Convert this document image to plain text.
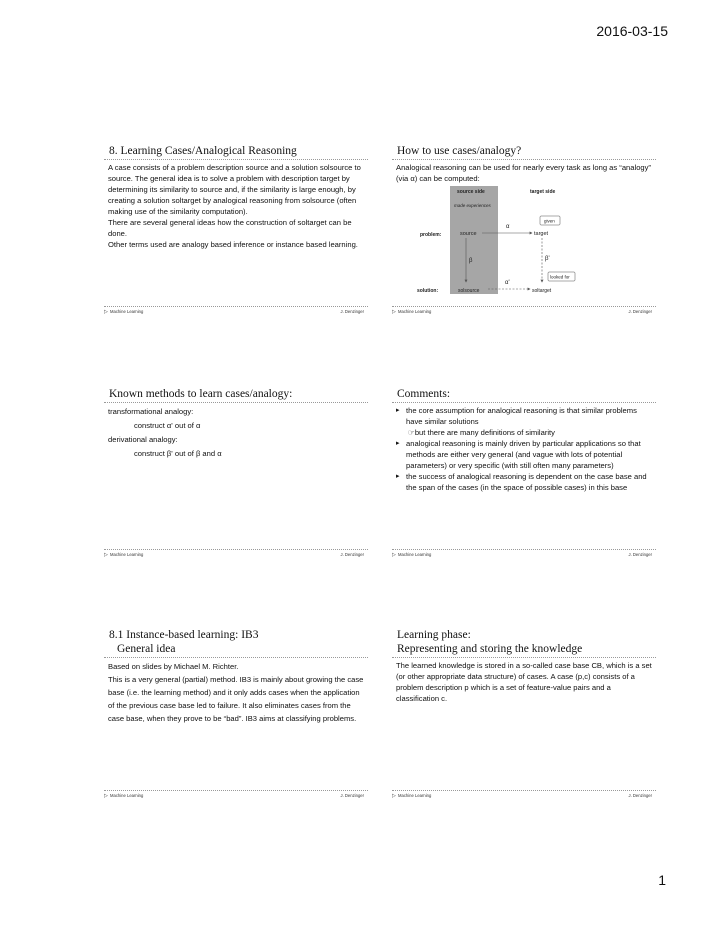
2016-03-15
8. Learning Cases/Analogical Reasoning

A case consists of a problem description source and a solution solsource to source. The general idea is to solve a problem with description target by determining its similarity to source and, if the similarity is large enough, by creating a solution soltarget by analogical reasoning from solsource (often making use of the similarity computation).

There are several general ideas how the construction of soltarget can be done.

Other terms used are analogy based inference or instance based learning.

▷ Machine Learning	J. Denzinger
How to use cases/analogy?

Analogical reasoning can be used for nearly every task as long as “analogy” (via α) can be computed:

source side	target side
made experiences
given
α
problem:	source	target
β	β'
looked for
α'
solution:	solsource	soltarget
▷ Machine Learning	J. Denzinger
Known methods to learn cases/analogy:

transformational analogy:

construct α' out of α

derivational analogy:

construct β' out of β and α

▷ Machine Learning	J. Denzinger
Comments:

▸ the core assumption for analogical reasoning is that similar problems have similar solutions

☞but there are many definitions of similarity

▸ analogical reasoning is mainly driven by particular applications so that methods are either very general (and vague with lots of potential parameters) or very specific (with still often many parameters)

▸ the success of analogical reasoning is dependent on the case base and the span of the cases (in the space of possible cases) in this base

▷ Machine Learning	J. Denzinger
8.1 Instance-based learning: IB3
General idea

Based on slides by Michael M. Richter.

This is a very general (partial) method. IB3 is mainly about growing the case base (i.e. the learning method) and it only adds cases when the application of the previous case base led to failure. It also eliminates cases from the case base, when they prove to be “bad”. IB3 aims at classifying problems.

▷ Machine Learning	J. Denzinger
Learning phase:
Representing and storing the knowledge

The learned knowledge is stored in a so-called case base CB, which is a set (or other appropriate data structure) of cases. A case (p,c) consists of a problem description p which is a set of feature-value pairs and a classification c.

▷ Machine Learning	J. Denzinger
1
